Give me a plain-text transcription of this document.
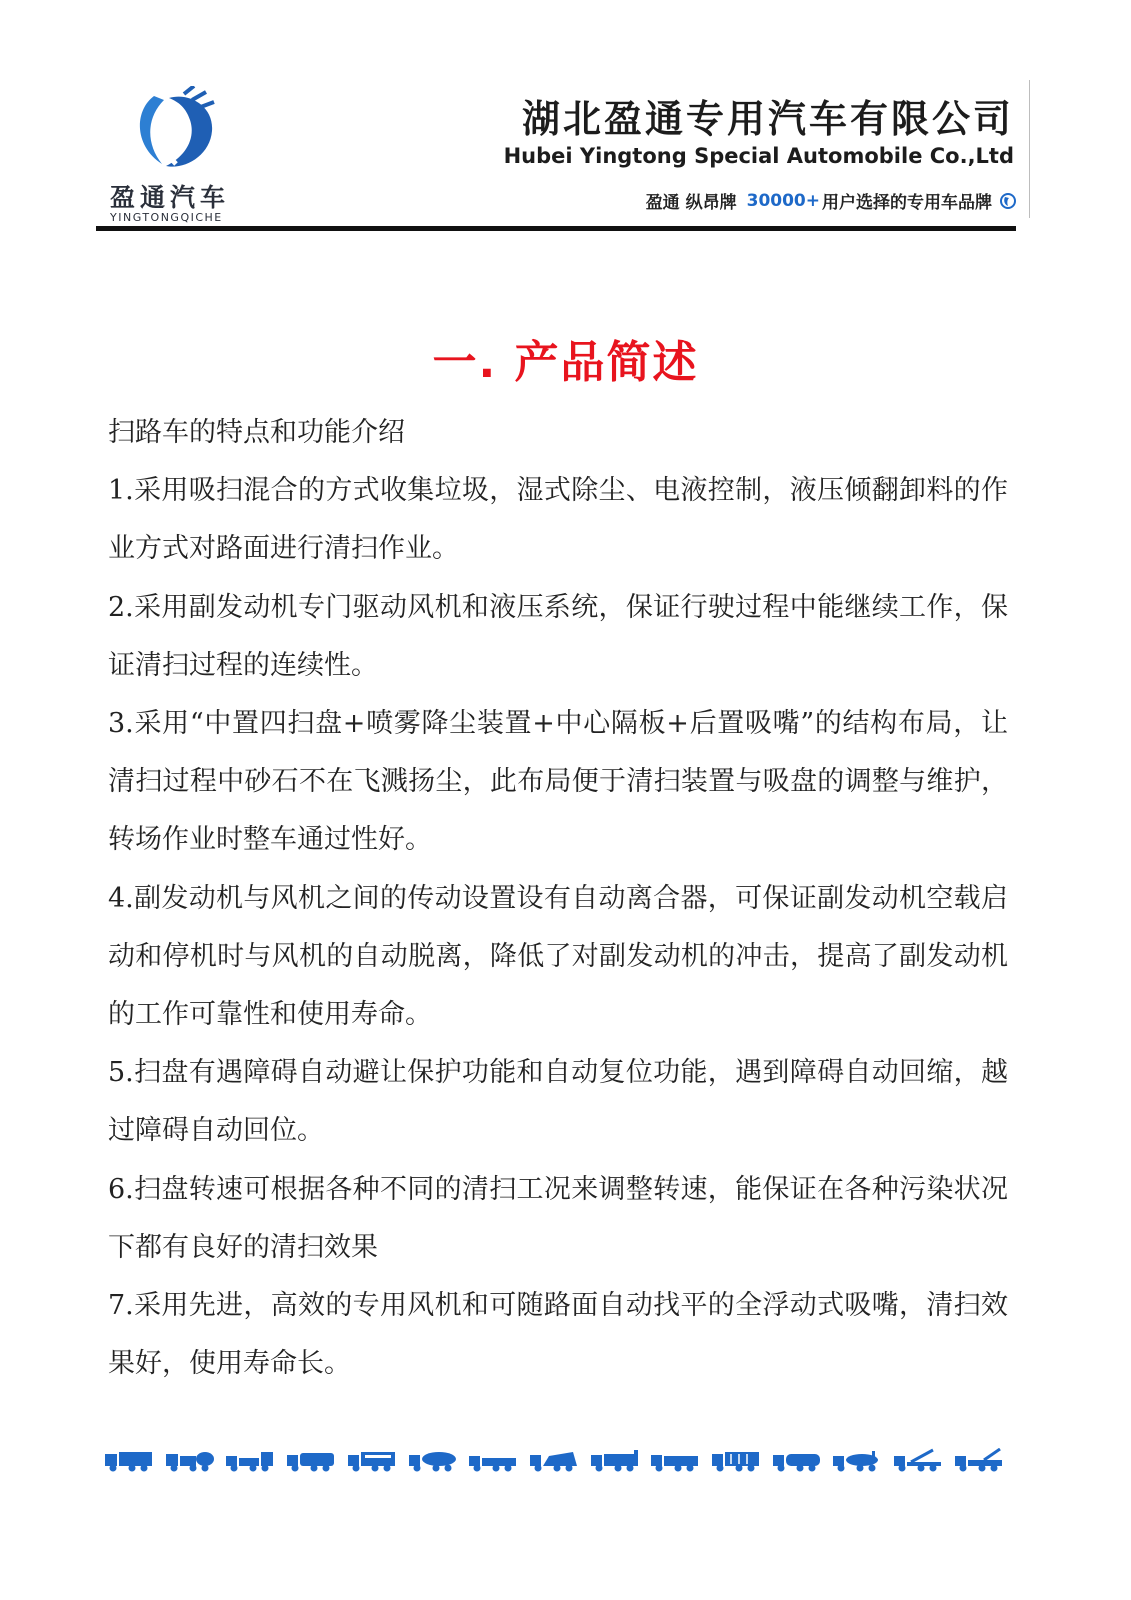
盈通汽车
YINGTONGQICHE
湖北盈通专用汽车有限公司
Hubei Yingtong Special Automobile Co.,Ltd
盈通 纵昂牌 30000+ 用户选择的专用车品牌
一. 产品简述

扫路车的特点和功能介绍

1.采用吸扫混合的方式收集垃圾，湿式除尘、电液控制，液压倾翻卸料的作业方式对路面进行清扫作业。

2.采用副发动机专门驱动风机和液压系统，保证行驶过程中能继续工作，保证清扫过程的连续性。

3.采用“中置四扫盘+喷雾降尘装置+中心隔板+后置吸嘴”的结构布局，让清扫过程中砂石不在飞溅扬尘，此布局便于清扫装置与吸盘的调整与维护，转场作业时整车通过性好。

4.副发动机与风机之间的传动设置设有自动离合器，可保证副发动机空载启动和停机时与风机的自动脱离，降低了对副发动机的冲击，提高了副发动机的工作可靠性和使用寿命。

5.扫盘有遇障碍自动避让保护功能和自动复位功能，遇到障碍自动回缩，越过障碍自动回位。

6.扫盘转速可根据各种不同的清扫工况来调整转速，能保证在各种污染状况下都有良好的清扫效果

7.采用先进，高效的专用风机和可随路面自动找平的全浮动式吸嘴，清扫效果好，使用寿命长。
